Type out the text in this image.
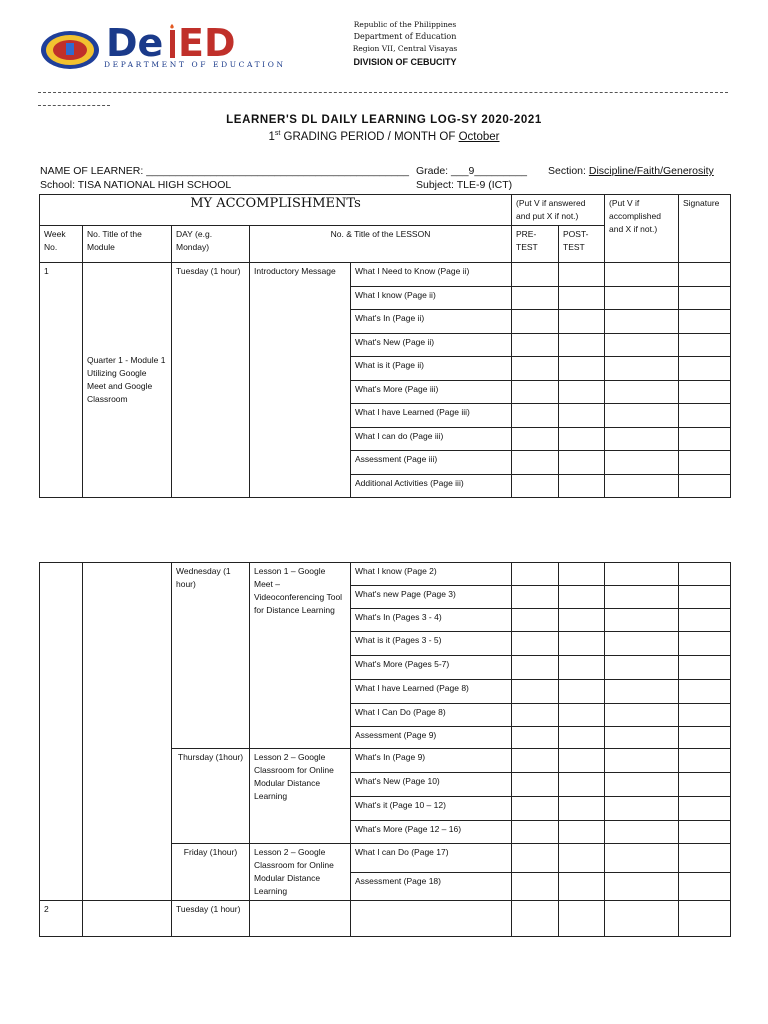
De ED
DEPARTMENT OF EDUCATION
Republic of the Philippines
Department of Education
Region VII, Central Visayas
DIVISION OF CEBUCITY
LEARNER'S DL DAILY LEARNING LOG-SY 2020-2021
1st GRADING PERIOD / MONTH OF October
NAME OF LEARNER: _____________________________________________ Grade: ___9_________ Section: Discipline/Faith/Generosity
School: TISA NATIONAL HIGH SCHOOL	Subject: TLE-9 (ICT)
MY ACCOMPLISHMENTs					(Put V if answered and put X if not.)		(Put V if accomplished and X if not.)	Signature
Week No.	No. Title of the Module	DAY (e.g. Monday)	No. & Title of the LESSON		PRE-TEST	POST-TEST		
1	Quarter 1 - Module 1 Utilizing Google Meet and Google Classroom	Tuesday (1 hour)	Introductory Message	What I Need to Know (Page ii)				
				What I know (Page ii)				
				What's In (Page ii)				
				What's New (Page ii)				
				What is it (Page ii)				
				What's More (Page iii)				
				What I have Learned (Page iii)				
				What I can do (Page iii)				
				Assessment (Page iii)				
				Additional Activities (Page iii)				
		Wednesday (1 hour)	Lesson 1 – Google Meet – Videoconferencing Tool for Distance Learning	What I know (Page 2)				
				What's new Page (Page 3)				
				What's In (Pages 3 - 4)				
				What is it (Pages 3 - 5)				
				What's More (Pages 5-7)				
				What I have Learned (Page 8)				
				What I Can Do (Page 8)				
				Assessment (Page 9)				
		Thursday (1hour)	Lesson 2 – Google Classroom for Online Modular Distance Learning	What's In (Page 9)				
				What's New (Page 10)				
				What's it (Page 10 – 12)				
				What's More (Page 12 – 16)				
		Friday (1hour)	Lesson 2 – Google Classroom for Online Modular Distance Learning	What I can Do (Page 17)				
				Assessment (Page 18)				
2		Tuesday (1 hour)						
